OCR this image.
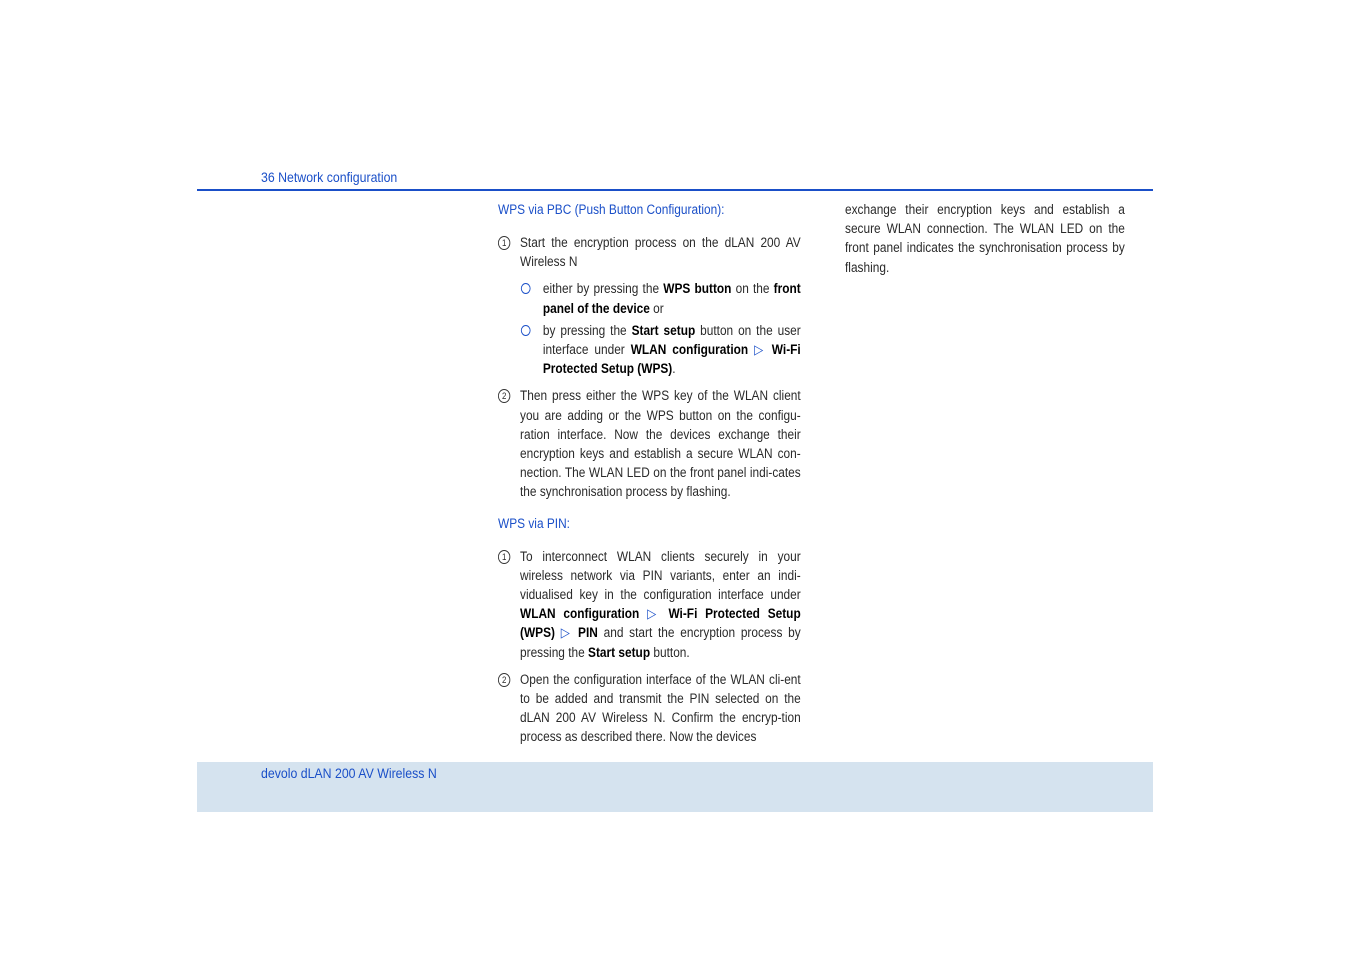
36 Network configuration
WPS via PBC (Push Button Configuration):
1 Start the encryption process on the dLAN 200 AV Wireless N
either by pressing the WPS button on the front panel of the device or
by pressing the Start setup button on the user interface under WLAN configuration ▷ Wi-Fi Protected Setup (WPS).
2 Then press either the WPS key of the WLAN client you are adding or the WPS button on the configu-ration interface. Now the devices exchange their encryption keys and establish a secure WLAN con-nection. The WLAN LED on the front panel indi-cates the synchronisation process by flashing.
WPS via PIN:
1 To interconnect WLAN clients securely in your wireless network via PIN variants, enter an indi-vidualised key in the configuration interface under WLAN configuration ▷ Wi-Fi Protected Setup (WPS) ▷ PIN and start the encryption process by pressing the Start setup button.
2 Open the configuration interface of the WLAN cli-ent to be added and transmit the PIN selected on the dLAN 200 AV Wireless N. Confirm the encryp-tion process as described there. Now the devices

exchange their encryption keys and establish a secure WLAN connection. The WLAN LED on the front panel indicates the synchronisation process by flashing.

devolo dLAN 200 AV Wireless N
